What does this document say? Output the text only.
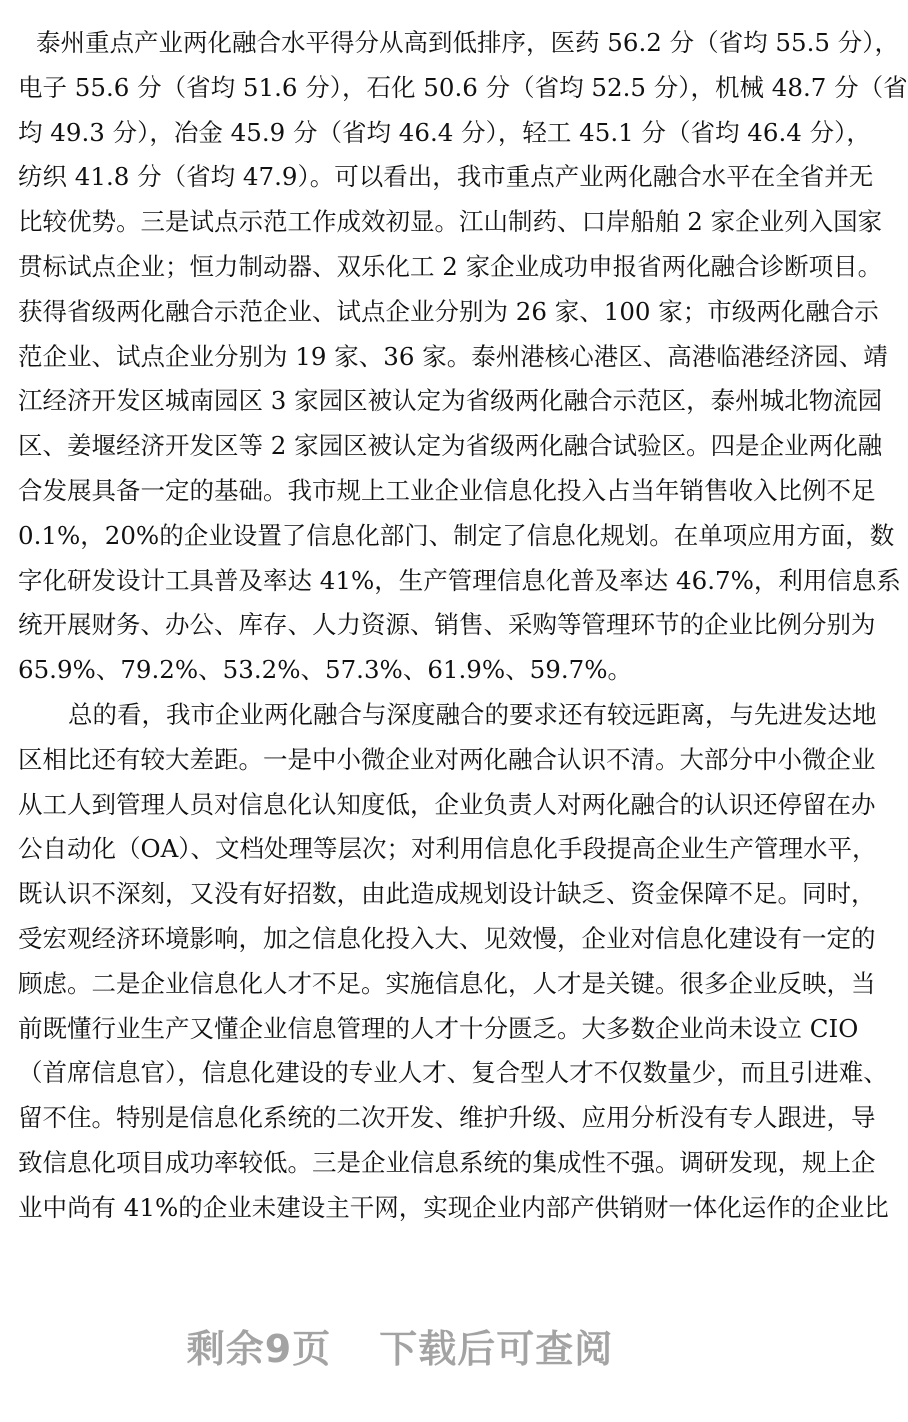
泰州重点产业两化融合水平得分从高到低排序，医药 56.2 分（省均 55.5 分），
电子 55.6 分（省均 51.6 分），石化 50.6 分（省均 52.5 分），机械 48.7 分（省
均 49.3 分），冶金 45.9 分（省均 46.4 分），轻工 45.1 分（省均 46.4 分），
纺织 41.8 分（省均 47.9）。可以看出，我市重点产业两化融合水平在全省并无
比较优势。三是试点示范工作成效初显。江山制药、口岸船舶 2 家企业列入国家
贯标试点企业；恒力制动器、双乐化工 2 家企业成功申报省两化融合诊断项目。
获得省级两化融合示范企业、试点企业分别为 26 家、100 家；市级两化融合示
范企业、试点企业分别为 19 家、36 家。泰州港核心港区、高港临港经济园、靖
江经济开发区城南园区 3 家园区被认定为省级两化融合示范区，泰州城北物流园
区、姜堰经济开发区等 2 家园区被认定为省级两化融合试验区。四是企业两化融
合发展具备一定的基础。我市规上工业企业信息化投入占当年销售收入比例不足
0.1%，20%的企业设置了信息化部门、制定了信息化规划。在单项应用方面，数
字化研发设计工具普及率达 41%，生产管理信息化普及率达 46.7%，利用信息系
统开展财务、办公、库存、人力资源、销售、采购等管理环节的企业比例分别为
65.9%、79.2%、53.2%、57.3%、61.9%、59.7%。
总的看，我市企业两化融合与深度融合的要求还有较远距离，与先进发达地
区相比还有较大差距。一是中小微企业对两化融合认识不清。大部分中小微企业
从工人到管理人员对信息化认知度低，企业负责人对两化融合的认识还停留在办
公自动化（OA）、文档处理等层次；对利用信息化手段提高企业生产管理水平，
既认识不深刻，又没有好招数，由此造成规划设计缺乏、资金保障不足。同时，
受宏观经济环境影响，加之信息化投入大、见效慢，企业对信息化建设有一定的
顾虑。二是企业信息化人才不足。实施信息化，人才是关键。很多企业反映，当
前既懂行业生产又懂企业信息管理的人才十分匮乏。大多数企业尚未设立 CIO
（首席信息官），信息化建设的专业人才、复合型人才不仅数量少，而且引进难、
留不住。特别是信息化系统的二次开发、维护升级、应用分析没有专人跟进，导
致信息化项目成功率较低。三是企业信息系统的集成性不强。调研发现，规上企
业中尚有 41%的企业未建设主干网，实现企业内部产供销财一体化运作的企业比
剩余9页 下载后可查阅
